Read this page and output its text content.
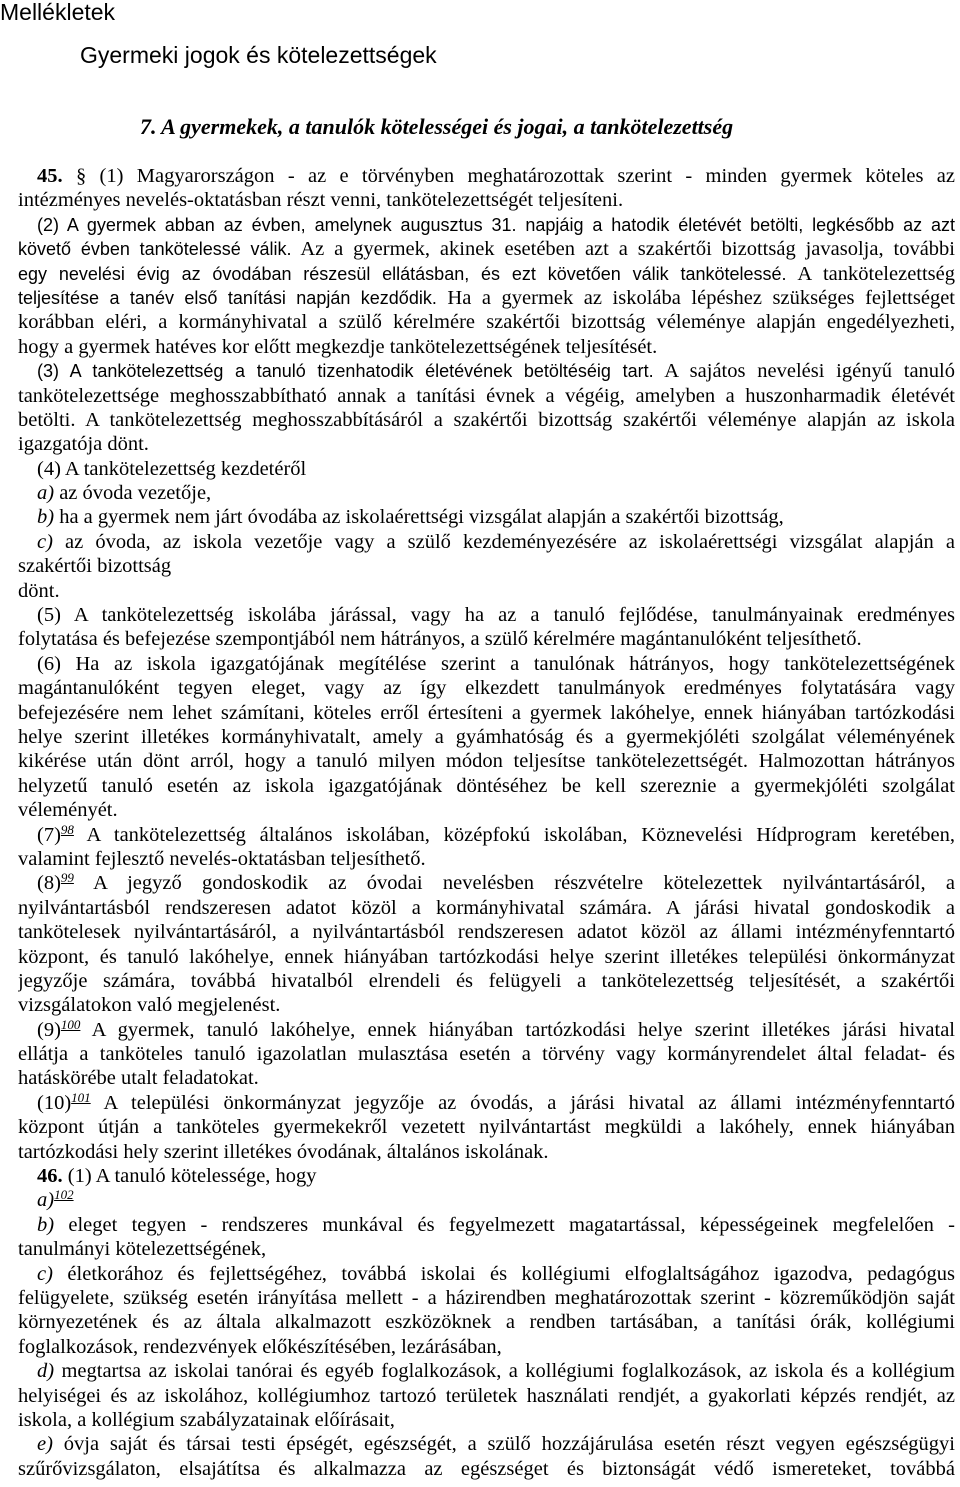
Mellékletek
Gyermeki jogok és kötelezettségek
7. A gyermekek, a tanulók kötelességei és jogai, a tankötelezettség
45. § (1) Magyarországon - az e törvényben meghatározottak szerint - minden gyermek köteles az
intézményes nevelés-oktatásban részt venni, tankötelezettségét teljesíteni.
(2) A gyermek abban az évben, amelynek augusztus 31. napjáig a hatodik életévét betölti, legkésőbb az azt
követő évben tankötelessé válik. Az a gyermek, akinek esetében azt a szakértői bizottság javasolja, további
egy nevelési évig az óvodában részesül ellátásban, és ezt követően válik tankötelessé. A tankötelezettség
teljesítése a tanév első tanítási napján kezdődik. Ha a gyermek az iskolába lépéshez szükséges fejlettséget
korábban eléri, a kormányhivatal a szülő kérelmére szakértői bizottság véleménye alapján engedélyezheti,
hogy a gyermek hatéves kor előtt megkezdje tankötelezettségének teljesítését.
(3) A tankötelezettség a tanuló tizenhatodik életévének betöltéséig tart. A sajátos nevelési igényű tanuló
tankötelezettsége meghosszabbítható annak a tanítási évnek a végéig, amelyben a huszonharmadik életévét
betölti. A tankötelezettség meghosszabbításáról a szakértői bizottság szakértői véleménye alapján az iskola
igazgatója dönt.
(4) A tankötelezettség kezdetéről
a) az óvoda vezetője,
b) ha a gyermek nem járt óvodába az iskolaérettségi vizsgálat alapján a szakértői bizottság,
c) az óvoda, az iskola vezetője vagy a szülő kezdeményezésére az iskolaérettségi vizsgálat alapján a
szakértői bizottság
dönt.
(5) A tankötelezettség iskolába járással, vagy ha az a tanuló fejlődése, tanulmányainak eredményes
folytatása és befejezése szempontjából nem hátrányos, a szülő kérelmére magántanulóként teljesíthető.
(6) Ha az iskola igazgatójának megítélése szerint a tanulónak hátrányos, hogy tankötelezettségének
magántanulóként tegyen eleget, vagy az így elkezdett tanulmányok eredményes folytatására vagy
befejezésére nem lehet számítani, köteles erről értesíteni a gyermek lakóhelye, ennek hiányában tartózkodási
helye szerint illetékes kormányhivatalt, amely a gyámhatóság és a gyermekjóléti szolgálat véleményének
kikérése után dönt arról, hogy a tanuló milyen módon teljesítse tankötelezettségét. Halmozottan hátrányos
helyzetű tanuló esetén az iskola igazgatójának döntéséhez be kell szereznie a gyermekjóléti szolgálat
véleményét.
(7)$^{98}$ A tankötelezettség általános iskolában, középfokú iskolában, Köznevelési Hídprogram keretében,
valamint fejlesztő nevelés-oktatásban teljesíthető.
(8)$^{99}$ A jegyző gondoskodik az óvodai nevelésben részvételre kötelezettek nyilvántartásáról, a
nyilvántartásból rendszeresen adatot közöl a kormányhivatal számára. A járási hivatal gondoskodik a
tankötelesek nyilvántartásáról, a nyilvántartásból rendszeresen adatot közöl az állami intézményfenntartó
központ, és tanuló lakóhelye, ennek hiányában tartózkodási helye szerint illetékes települési önkormányzat
jegyzője számára, továbbá hivatalból elrendeli és felügyeli a tankötelezettség teljesítését, a szakértői
vizsgálatokon való megjelenést.
(9)$^{100}$ A gyermek, tanuló lakóhelye, ennek hiányában tartózkodási helye szerint illetékes járási hivatal
ellátja a tanköteles tanuló igazolatlan mulasztása esetén a törvény vagy kormányrendelet által feladat- és
hatáskörébe utalt feladatokat.
(10)$^{101}$ A települési önkormányzat jegyzője az óvodás, a járási hivatal az állami intézményfenntartó
központ útján a tanköteles gyermekekről vezetett nyilvántartást megküldi a lakóhely, ennek hiányában
tartózkodási hely szerint illetékes óvodának, általános iskolának.
46. (1) A tanuló kötelessége, hogy
a)$^{102}$
b) eleget tegyen - rendszeres munkával és fegyelmezett magatartással, képességeinek megfelelően -
tanulmányi kötelezettségének,
c) életkorához és fejlettségéhez, továbbá iskolai és kollégiumi elfoglaltságához igazodva, pedagógus
felügyelete, szükség esetén irányítása mellett - a házirendben meghatározottak szerint - közreműködjön saját
környezetének és az általa alkalmazott eszközöknek a rendben tartásában, a tanítási órák, kollégiumi
foglalkozások, rendezvények előkészítésében, lezárásában,
d) megtartsa az iskolai tanórai és egyéb foglalkozások, a kollégiumi foglalkozások, az iskola és a kollégium
helyiségei és az iskolához, kollégiumhoz tartozó területek használati rendjét, a gyakorlati képzés rendjét, az
iskola, a kollégium szabályzatainak előírásait,
e) óvja saját és társai testi épségét, egészségét, a szülő hozzájárulása esetén részt vegyen egészségügyi
szűrővizsgálaton, elsajátítsa és alkalmazza az egészséget és biztonságát védő ismereteket, továbbá
